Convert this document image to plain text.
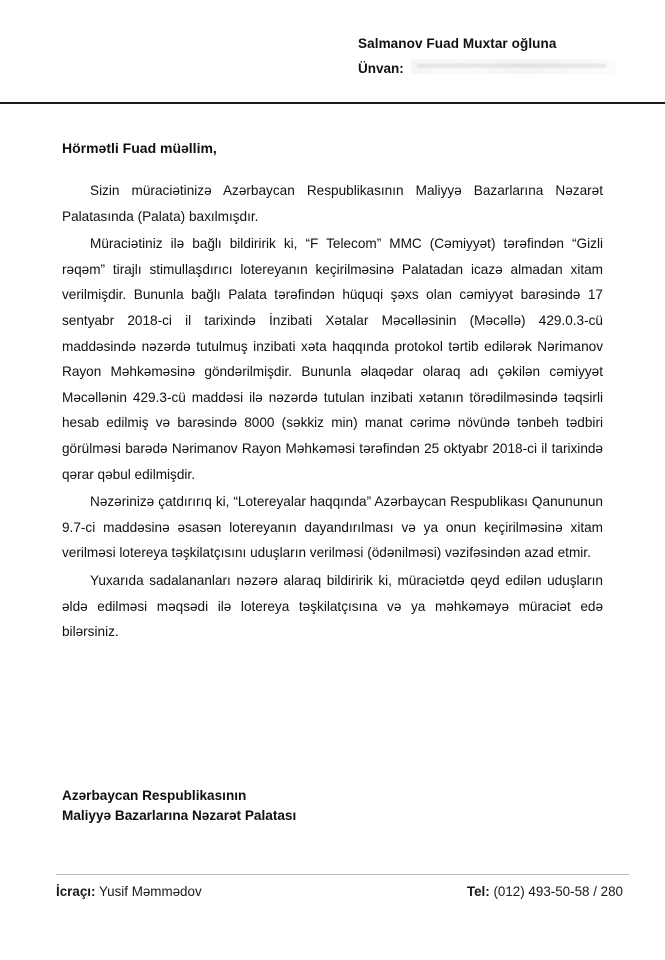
Salmanov Fuad Muxtar oğluna
Ünvan:
Hörmətli Fuad müəllim,

Sizin müraciətinizə Azərbaycan Respublikasının Maliyyə Bazarlarına Nəzarət Palatasında (Palata) baxılmışdır.

Müraciətiniz ilə bağlı bildiririk ki, “F Telecom” MMC (Cəmiyyət) tərəfindən “Gizli rəqəm” tirajlı stimullaşdırıcı lotereyanın keçirilməsinə Palatadan icazə almadan xitam verilmişdir. Bununla bağlı Palata tərəfindən hüquqi şəxs olan cəmiyyət barəsində 17 sentyabr 2018-ci il tarixində İnzibati Xətalar Məcəlləsinin (Məcəllə) 429.0.3-cü maddəsində nəzərdə tutulmuş inzibati xəta haqqında protokol tərtib edilərək Nərimanov Rayon Məhkəməsinə göndərilmişdir. Bununla əlaqədar olaraq adı çəkilən cəmiyyət Məcəllənin 429.3-cü maddəsi ilə nəzərdə tutulan inzibati xətanın törədilməsində təqsirli hesab edilmiş və barəsində 8000 (səkkiz min) manat cərimə növündə tənbeh tədbiri görülməsi barədə Nərimanov Rayon Məhkəməsi tərəfindən 25 oktyabr 2018-ci il tarixində qərar qəbul edilmişdir.

Nəzərinizə çatdırırıq ki, “Lotereyalar haqqında” Azərbaycan Respublikası Qanununun 9.7-ci maddəsinə əsasən lotereyanın dayandırılması və ya onun keçirilməsinə xitam verilməsi lotereya təşkilatçısını uduşların verilməsi (ödənilməsi) vəzifəsindən azad etmir.

Yuxarıda sadalananları nəzərə alaraq bildiririk ki, müraciətdə qeyd edilən uduşların əldə edilməsi məqsədi ilə lotereya təşkilatçısına və ya məhkəməyə müraciət edə bilərsiniz.

Azərbaycan Respublikasının
Maliyyə Bazarlarına Nəzarət Palatası
İcraçı: Yusif Məmmədov	Tel: (012) 493-50-58 / 280
